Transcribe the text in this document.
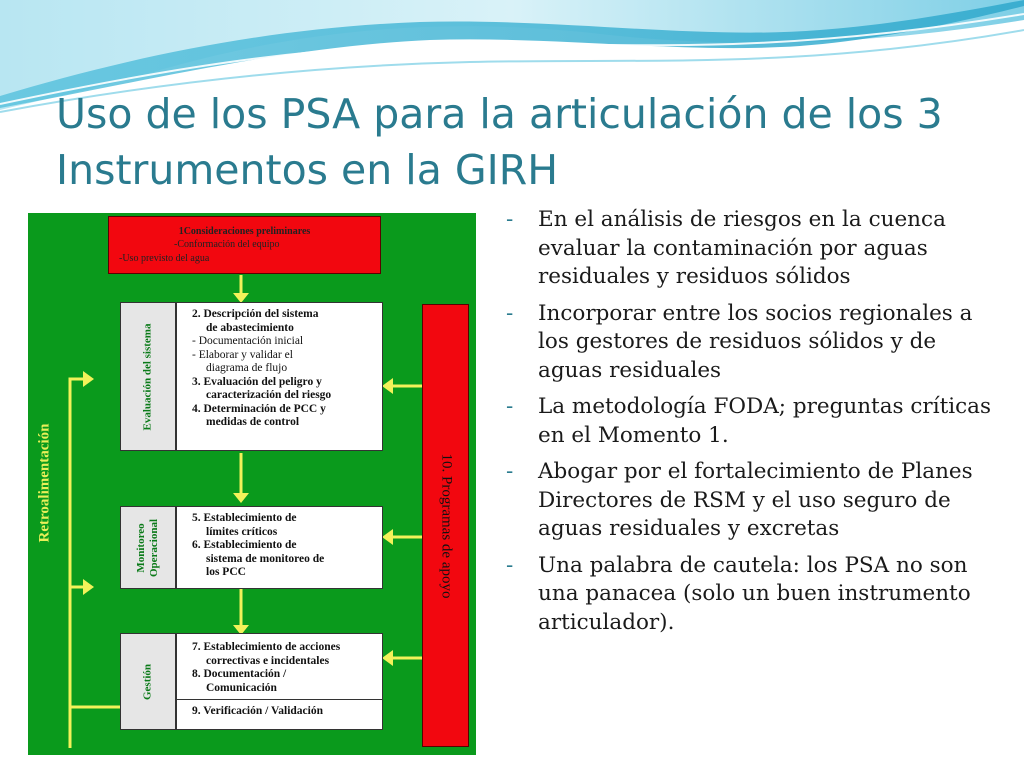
Uso de los PSA para la articulación de los 3 Instrumentos en la GIRH
1Consideraciones preliminares
-Conformación del equipo
-Uso previsto del agua
Evaluación del sistema
2. Descripción del sistema
de abastecimiento
- Documentación inicial
- Elaborar y validar el
diagrama de flujo
3. Evaluación del peligro y
caracterización del riesgo
4. Determinación de PCC y
medidas de control
Monitoreo Operacional
5. Establecimiento de
límites críticos
6. Establecimiento de
sistema de monitoreo de
los PCC
Gestión
7. Establecimiento de acciones
correctivas e incidentales
8. Documentación /
Comunicación
9. Verificación / Validación
Retroalimentación	10. Programas de apoyo
- En el análisis de riesgos en la cuenca evaluar la contaminación por aguas residuales y residuos sólidos
- Incorporar entre los socios regionales a los gestores de residuos sólidos y de aguas residuales
- La metodología FODA; preguntas críticas en el Momento 1.
- Abogar por el fortalecimiento de Planes Directores de RSM y el uso seguro de aguas residuales y excretas
- Una palabra de cautela: los PSA no son una panacea (solo un buen instrumento articulador).
